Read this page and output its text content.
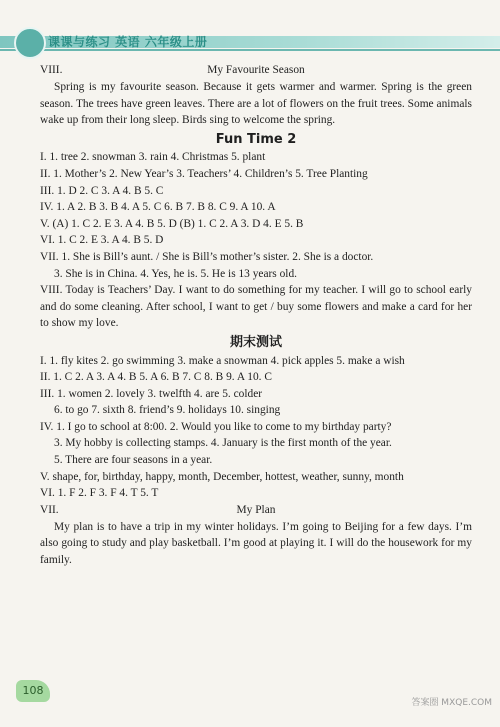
课课与练习 英语 六年级上册
My Favourite Season
VIII.
Spring is my favourite season. Because it gets warmer and warmer. Spring is the green season. The trees have green leaves. There are a lot of flowers on the fruit trees. Some animals wake up from their long sleep. Birds sing to welcome the spring.
Fun Time 2
I. 1. tree 2. snowman 3. rain 4. Christmas 5. plant
II. 1. Mother’s 2. New Year’s 3. Teachers’ 4. Children’s 5. Tree Planting
III. 1. D 2. C 3. A 4. B 5. C
IV. 1. A 2. B 3. B 4. A 5. C 6. B 7. B 8. C 9. A 10. A
V. (A) 1. C 2. E 3. A 4. B 5. D (B) 1. C 2. A 3. D 4. E 5. B
VI. 1. C 2. E 3. A 4. B 5. D
VII. 1. She is Bill’s aunt. / She is Bill’s mother’s sister. 2. She is a doctor.
3. She is in China. 4. Yes, he is. 5. He is 13 years old.
VIII. Today is Teachers’ Day. I want to do something for my teacher. I will go to school early and do some cleaning. After school, I want to get / buy some flowers and make a card for her to show my love.
期末测试
I. 1. fly kites 2. go swimming 3. make a snowman 4. pick apples 5. make a wish
II. 1. C 2. A 3. A 4. B 5. A 6. B 7. C 8. B 9. A 10. C
III. 1. women 2. lovely 3. twelfth 4. are 5. colder
6. to go 7. sixth 8. friend’s 9. holidays 10. singing
IV. 1. I go to school at 8:00. 2. Would you like to come to my birthday party?
3. My hobby is collecting stamps. 4. January is the first month of the year.
5. There are four seasons in a year.
V. shape, for, birthday, happy, month, December, hottest, weather, sunny, month
VI. 1. F 2. F 3. F 4. T 5. T
My Plan
VII.
My plan is to have a trip in my winter holidays. I’m going to Beijing for a few days. I’m also going to study and play basketball. I’m good at playing it. I will do the housework for my family.
108
答案圈 MXQE.COM
